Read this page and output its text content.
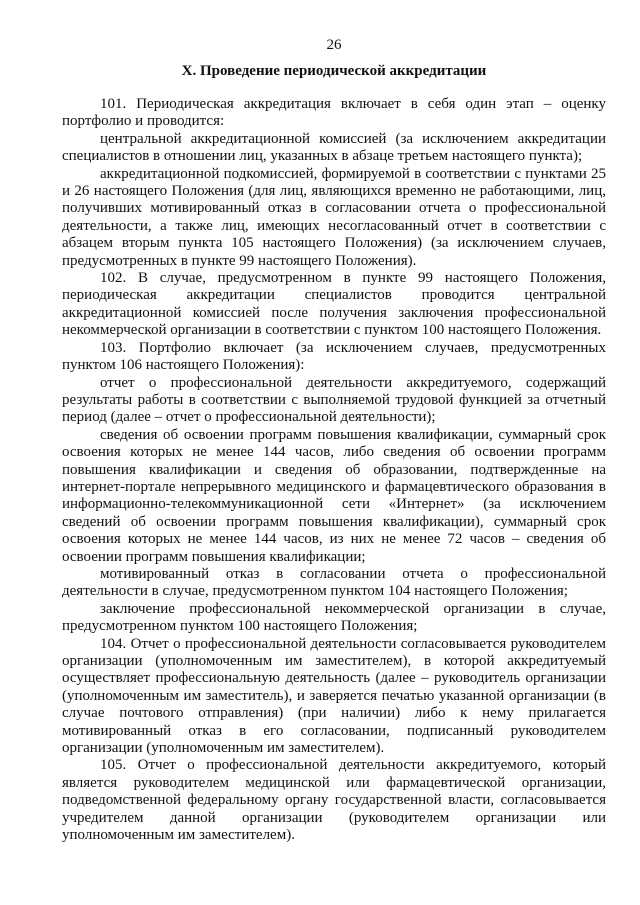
26
X. Проведение периодической аккредитации

101. Периодическая аккредитация включает в себя один этап – оценку портфолио и проводится:

центральной аккредитационной комиссией (за исключением аккредитации специалистов в отношении лиц, указанных в абзаце третьем настоящего пункта);

аккредитационной подкомиссией, формируемой в соответствии с пунктами 25 и 26 настоящего Положения (для лиц, являющихся временно не работающими, лиц, получивших мотивированный отказ в согласовании отчета о профессиональной деятельности, а также лиц, имеющих несогласованный отчет в соответствии с абзацем вторым пункта 105 настоящего Положения) (за исключением случаев, предусмотренных в пункте 99 настоящего Положения).

102. В случае, предусмотренном в пункте 99 настоящего Положения, периодическая аккредитации специалистов проводится центральной аккредитационной комиссией после получения заключения профессиональной некоммерческой организации в соответствии с пунктом 100 настоящего Положения.

103. Портфолио включает (за исключением случаев, предусмотренных пунктом 106 настоящего Положения):

отчет о профессиональной деятельности аккредитуемого, содержащий результаты работы в соответствии с выполняемой трудовой функцией за отчетный период (далее – отчет о профессиональной деятельности);

сведения об освоении программ повышения квалификации, суммарный срок освоения которых не менее 144 часов, либо сведения об освоении программ повышения квалификации и сведения об образовании, подтвержденные на интернет-портале непрерывного медицинского и фармацевтического образования в информационно-телекоммуникационной сети «Интернет» (за исключением сведений об освоении программ повышения квалификации), суммарный срок освоения которых не менее 144 часов, из них не менее 72 часов – сведения об освоении программ повышения квалификации;

мотивированный отказ в согласовании отчета о профессиональной деятельности в случае, предусмотренном пунктом 104 настоящего Положения;

заключение профессиональной некоммерческой организации в случае, предусмотренном пунктом 100 настоящего Положения;

104. Отчет о профессиональной деятельности согласовывается руководителем организации (уполномоченным им заместителем), в которой аккредитуемый осуществляет профессиональную деятельность (далее – руководитель организации (уполномоченным им заместитель), и заверяется печатью указанной организации (в случае почтового отправления) (при наличии) либо к нему прилагается мотивированный отказ в его согласовании, подписанный руководителем организации (уполномоченным им заместителем).

105. Отчет о профессиональной деятельности аккредитуемого, который является руководителем медицинской или фармацевтической организации, подведомственной федеральному органу государственной власти, согласовывается учредителем данной организации (руководителем организации или уполномоченным им заместителем).
